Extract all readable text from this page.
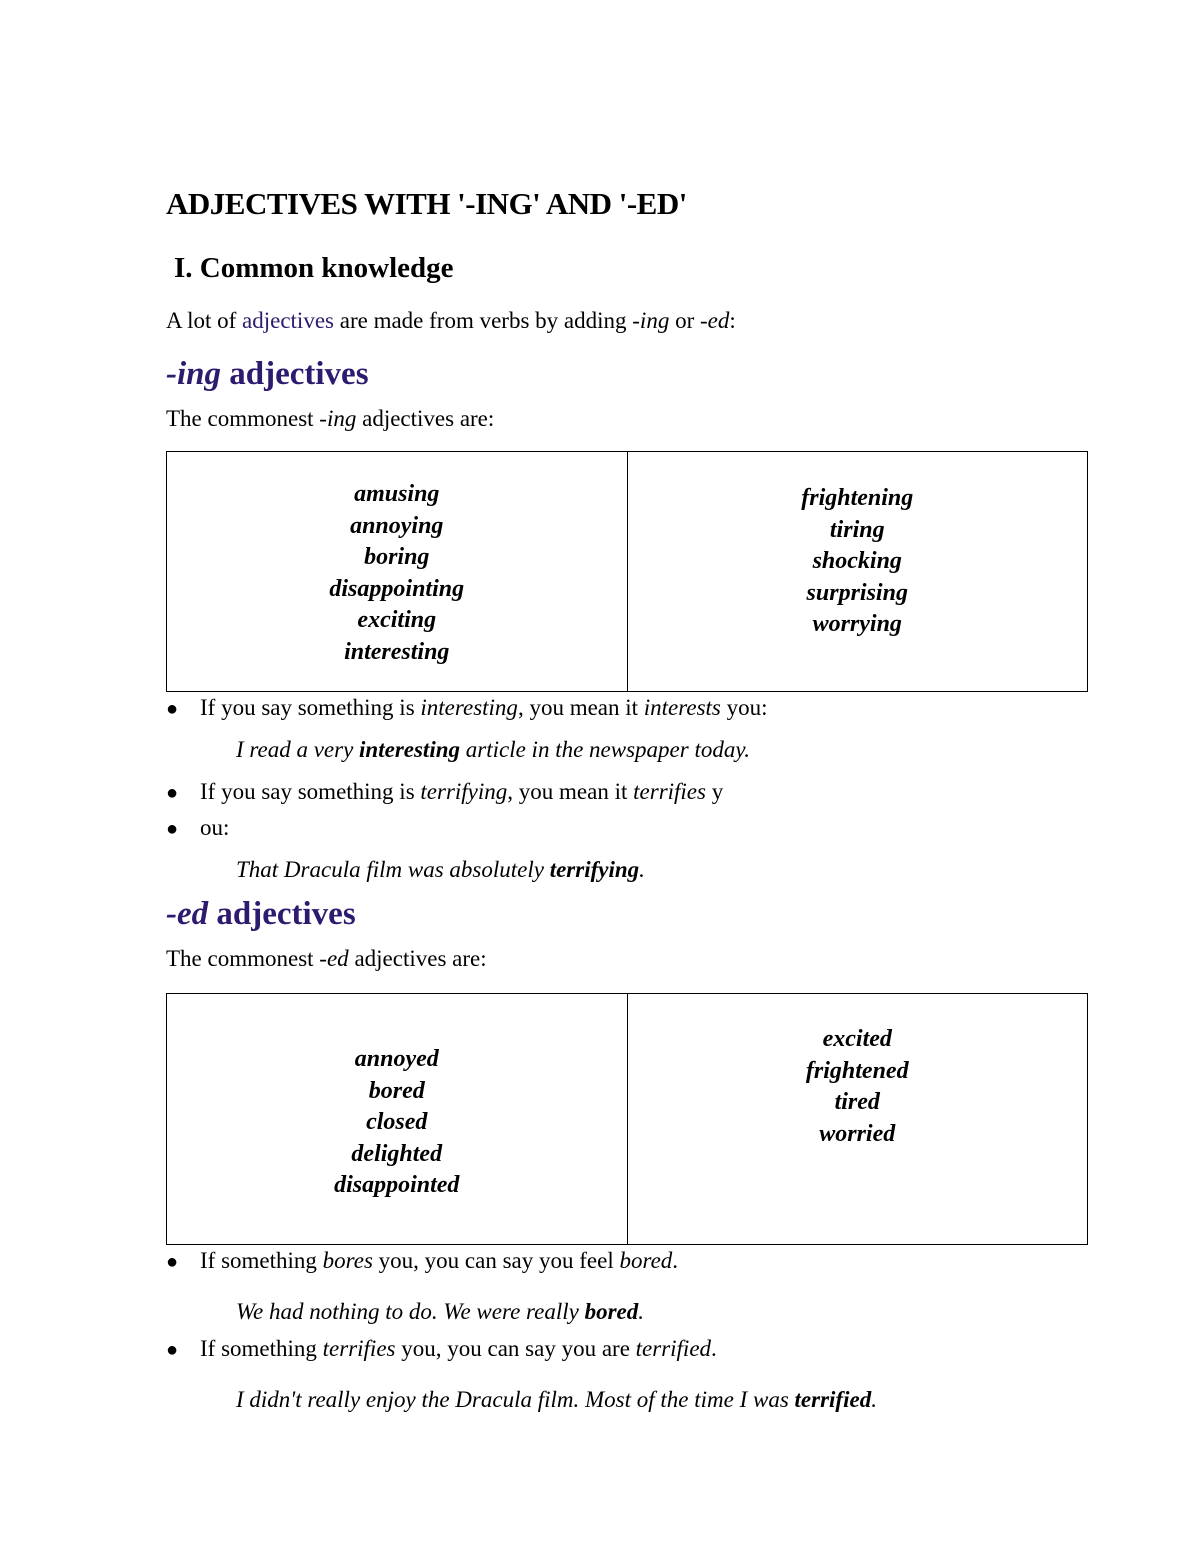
ADJECTIVES WITH '-ING' AND '-ED'
I. Common knowledge
A lot of adjectives are made from verbs by adding -ing or -ed:
-ing adjectives
The commonest -ing adjectives are:
amusing
annoying
boring
disappointing
exciting
interesting
frightening
tiring
shocking
surprising
worrying
● If you say something is interesting, you mean it interests you:
I read a very interesting article in the newspaper today.
● If you say something is terrifying, you mean it terrifies y
● ou:
That Dracula film was absolutely terrifying.
-ed adjectives
The commonest -ed adjectives are:
annoyed
bored
closed
delighted
disappointed
excited
frightened
tired
worried
● If something bores you, you can say you feel bored.
We had nothing to do. We were really bored.
● If something terrifies you, you can say you are terrified.
I didn't really enjoy the Dracula film. Most of the time I was terrified.
